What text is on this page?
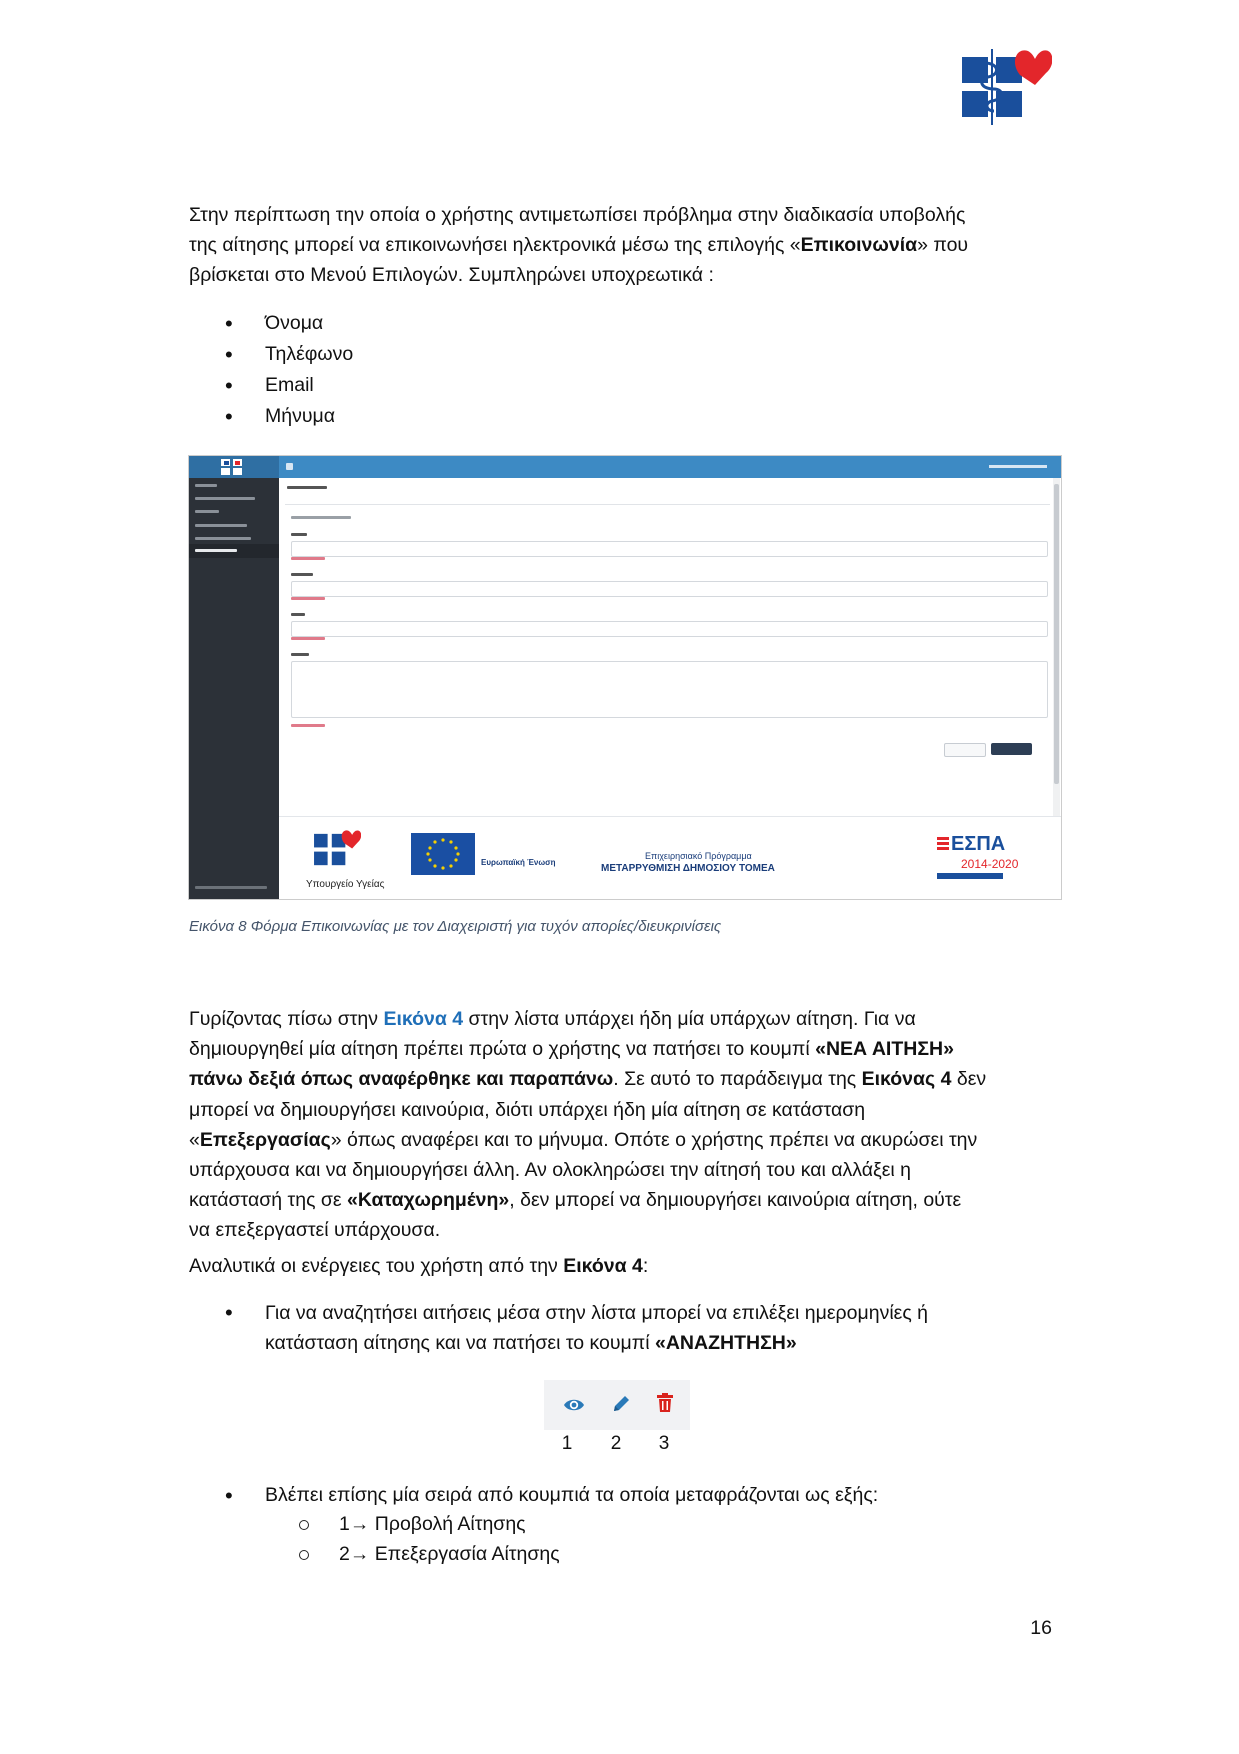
Στην περίπτωση την οποία ο χρήστης αντιμετωπίσει πρόβλημα στην διαδικασία υποβολής
της αίτησης μπορεί να επικοινωνήσει ηλεκτρονικά μέσω της επιλογής «Επικοινωνία» που
βρίσκεται στο Μενού Επιλογών. Συμπληρώνει υποχρεωτικά :

• Όνομα
• Τηλέφωνο
• Email
• Μήνυμα
Υπουργείο Υγείας
Ευρωπαϊκή Ένωση
Επιχειρησιακό Πρόγραμμα
ΜΕΤΑΡΡΥΘΜΙΣΗ ΔΗΜΟΣΙΟΥ ΤΟΜΕΑ
ΕΣΠΑ
2014-2020
Εικόνα 8 Φόρμα Επικοινωνίας με τον Διαχειριστή για τυχόν απορίες/διευκρινίσεις

Γυρίζοντας πίσω στην Εικόνα 4 στην λίστα υπάρχει ήδη μία υπάρχων αίτηση. Για να
δημιουργηθεί μία αίτηση πρέπει πρώτα ο χρήστης να πατήσει το κουμπί «ΝΕΑ ΑΙΤΗΣΗ»
πάνω δεξιά όπως αναφέρθηκε και παραπάνω. Σε αυτό το παράδειγμα της Εικόνας 4 δεν
μπορεί να δημιουργήσει καινούρια, διότι υπάρχει ήδη μία αίτηση σε κατάσταση
«Επεξεργασίας» όπως αναφέρει και το μήνυμα. Οπότε ο χρήστης πρέπει να ακυρώσει την
υπάρχουσα και να δημιουργήσει άλλη. Αν ολοκληρώσει την αίτησή του και αλλάξει η
κατάστασή της σε «Καταχωρημένη», δεν μπορεί να δημιουργήσει καινούρια αίτηση, ούτε
να επεξεργαστεί υπάρχουσα.

Αναλυτικά οι ενέργειες του χρήστη από την Εικόνα 4:

• Για να αναζητήσει αιτήσεις μέσα στην λίστα μπορεί να επιλέξει ημερομηνίες ή
κατάσταση αίτησης και να πατήσει το κουμπί «ΑΝΑΖΗΤΗΣΗ»
1 2 3
• Βλέπει επίσης μία σειρά από κουμπιά τα οποία μεταφράζονται ως εξής:
1→ Προβολή Αίτησης
2→ Επεξεργασία Αίτησης
16
